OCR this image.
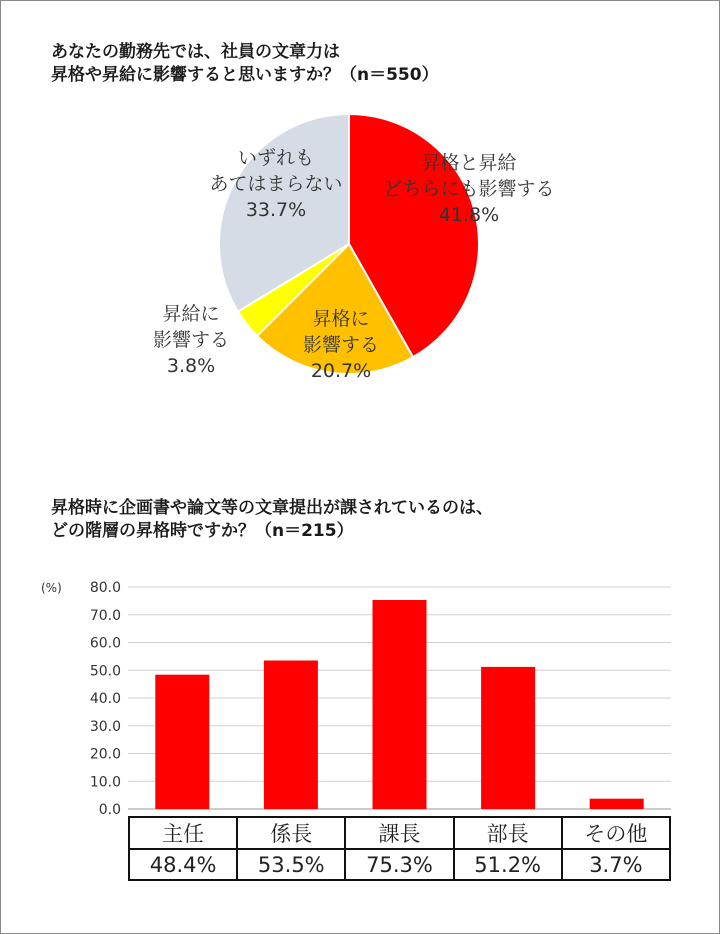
あなたの勤務先では、社員の文章力は
昇格や昇給に影響すると思いますか？（n＝550）
昇格と昇給どちらにも影響する 41.8%
昇格に影響する 20.7%
昇給に影響する 3.8%
いずれもあてはまらない 33.7%
昇格時に企画書や論文等の文章提出が課されているのは、
どの階層の昇格時ですか？（n＝215）
(%)
0.0
10.0
20.0
30.0
40.0
50.0
60.0
70.0
80.0
主任	係長	課長	部長	その他
48.4%	53.5%	75.3%	51.2%	3.7%
